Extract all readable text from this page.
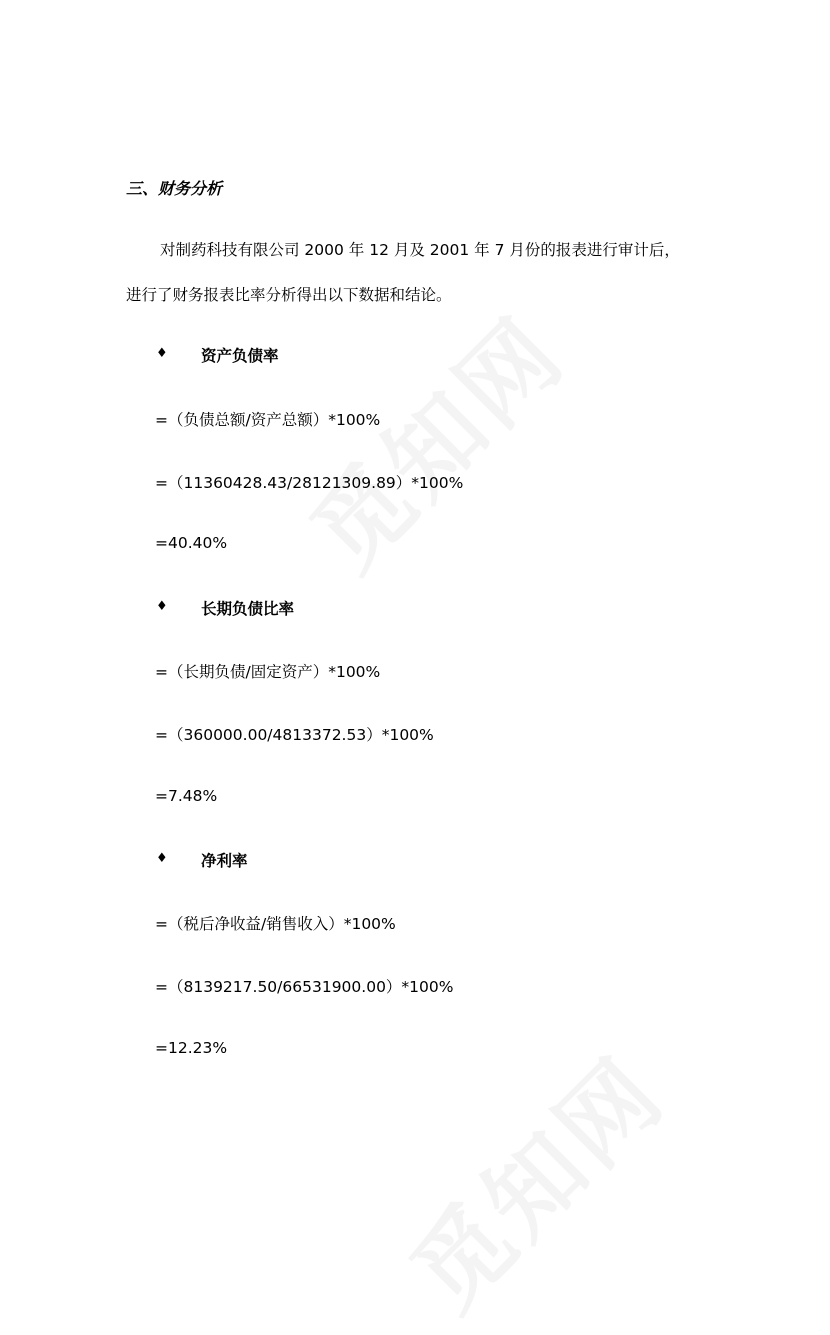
三、财务分析
对制药科技有限公司 2000 年 12 月及 2001 年 7 月份的报表进行审计后，
进行了财务报表比率分析得出以下数据和结论。
♦ 资产负债率
=（负债总额/资产总额）*100%
=（11360428.43/28121309.89）*100%
=40.40%
♦ 长期负债比率
=（长期负债/固定资产）*100%
=（360000.00/4813372.53）*100%
=7.48%
♦ 净利率
=（税后净收益/销售收入）*100%
=（8139217.50/66531900.00）*100%
=12.23%
